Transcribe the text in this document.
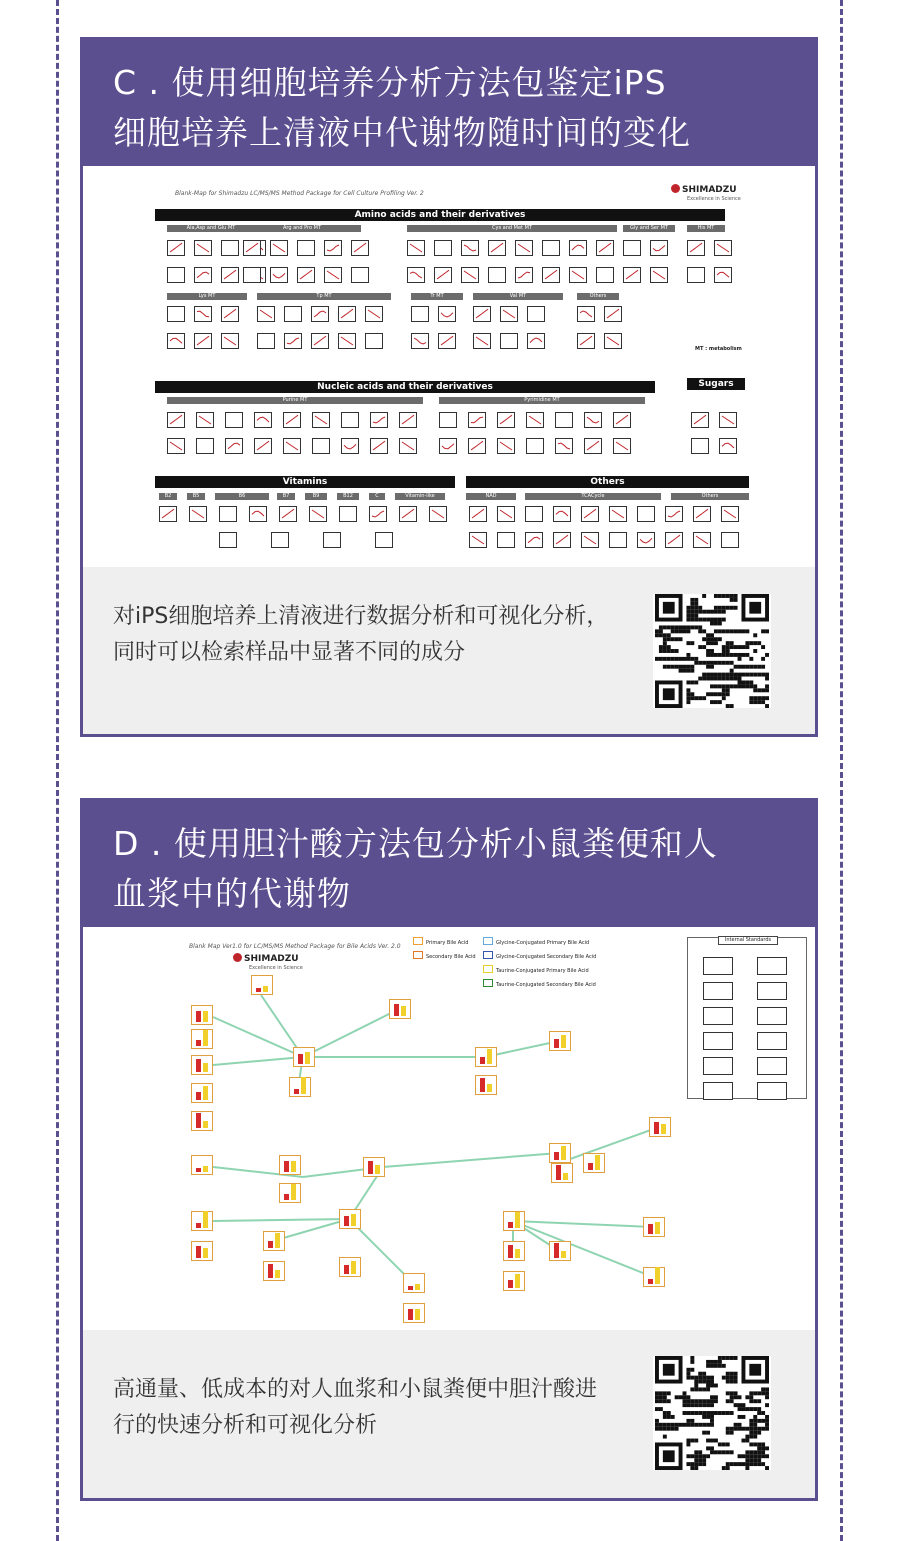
C . 使用细胞培养分析方法包鉴定iPS
细胞培养上清液中代谢物随时间的变化
Blank-Map for Shimadzu LC/MS/MS Method Package for Cell Culture Profiling Ver. 2	SHIMADZU
Excellence in Science
Amino acids and their derivatives
Nucleic acids and their derivatives	Sugars
Vitamins	Others
MT : metabolism
Ala,Asp and Glu MT	Arg and Pro MT	Cys and Met MT	Gly and Ser MT	His MT
Lys MT	Tp MT	Tr MT	Val MT	Others
Purine MT	Pyrimidine MT
B2	B5	B6	B7	B9	B12	C	Vitamin-like	NAD	TCACycle	Others
对iPS细胞培养上清液进行数据分析和可视化分析，同时可以检索样品中显著不同的成分
D . 使用胆汁酸方法包分析小鼠粪便和人
血浆中的代谢物
Blank Map Ver1.0 for LC/MS/MS Method Package for Bile Acids Ver. 2.0
SHIMADZU
Excellence in Science
Internal Standards
Primary Bile Acid
Secondary Bile Acid
Glycine-Conjugated Primary Bile Acid
Glycine-Conjugated Secondary Bile Acid
Taurine-Conjugated Primary Bile Acid
Taurine-Conjugated Secondary Bile Acid
高通量、低成本的对人血浆和小鼠粪便中胆汁酸进行的快速分析和可视化分析
